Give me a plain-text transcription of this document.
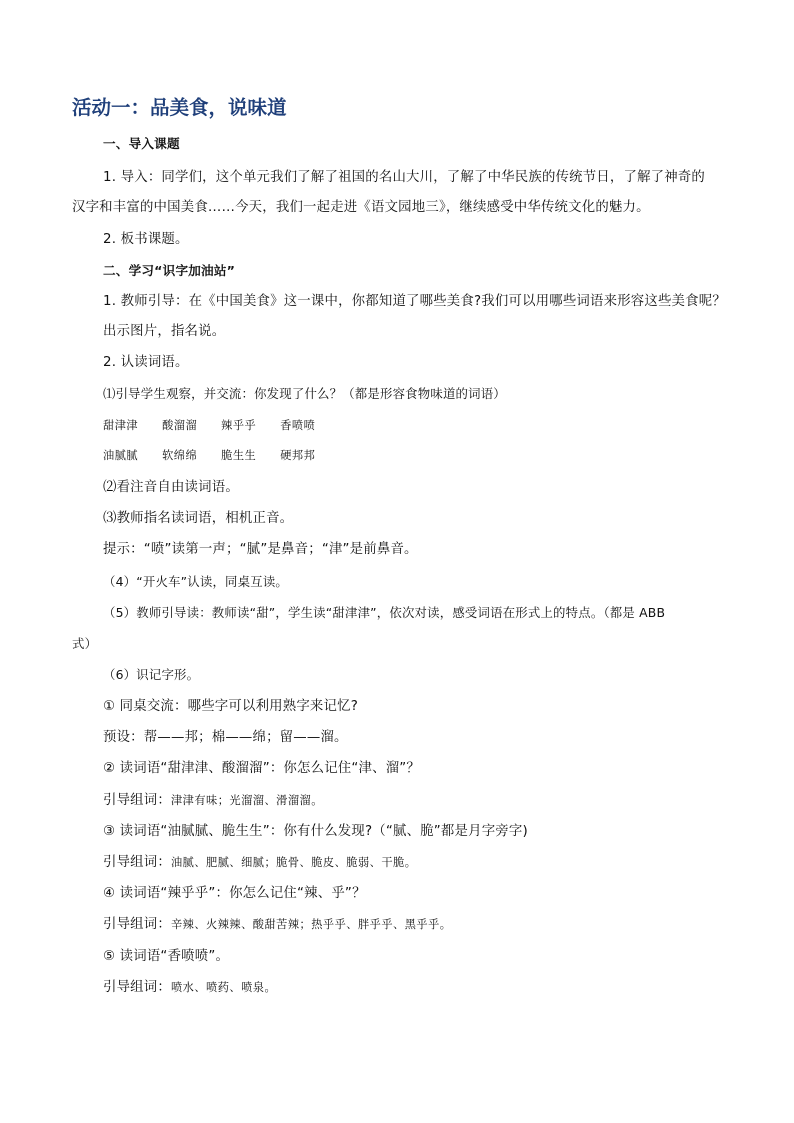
活动一：品美食，说味道
一、导入课题
1. 导入：同学们，这个单元我们了解了祖国的名山大川，了解了中华民族的传统节日，了解了神奇的
汉字和丰富的中国美食……今天，我们一起走进《语文园地三》，继续感受中华传统文化的魅力。
2. 板书课题。
二、学习“识字加油站”
1. 教师引导：在《中国美食》这一课中，你都知道了哪些美食?我们可以用哪些词语来形容这些美食呢？
出示图片，指名说。
2. 认读词语。
⑴引导学生观察，并交流：你发现了什么？（都是形容食物味道的词语）
甜津津 酸溜溜 辣乎乎 香喷喷
油腻腻 软绵绵 脆生生 硬邦邦
⑵看注音自由读词语。
⑶教师指名读词语，相机正音。
提示：“喷”读第一声；“腻”是鼻音；“津”是前鼻音。
（4）“开火车”认读，同桌互读。
（5）教师引导读：教师读“甜”，学生读“甜津津”，依次对读，感受词语在形式上的特点。（都是 ABB
式）
（6）识记字形。
① 同桌交流：哪些字可以利用熟字来记忆?
预设：帮——邦；棉——绵；留——溜。
② 读词语“甜津津、酸溜溜”：你怎么记住“津、溜”？
引导组词：津津有味；光溜溜、滑溜溜。
③ 读词语“油腻腻、脆生生”：你有什么发现?（“腻、脆”都是月字旁字)
引导组词：油腻、肥腻、细腻；脆骨、脆皮、脆弱、干脆。
④ 读词语“辣乎乎”：你怎么记住“辣、乎”？
引导组词：辛辣、火辣辣、酸甜苦辣；热乎乎、胖乎乎、黑乎乎。
⑤ 读词语“香喷喷”。
引导组词：喷水、喷药、喷泉。
